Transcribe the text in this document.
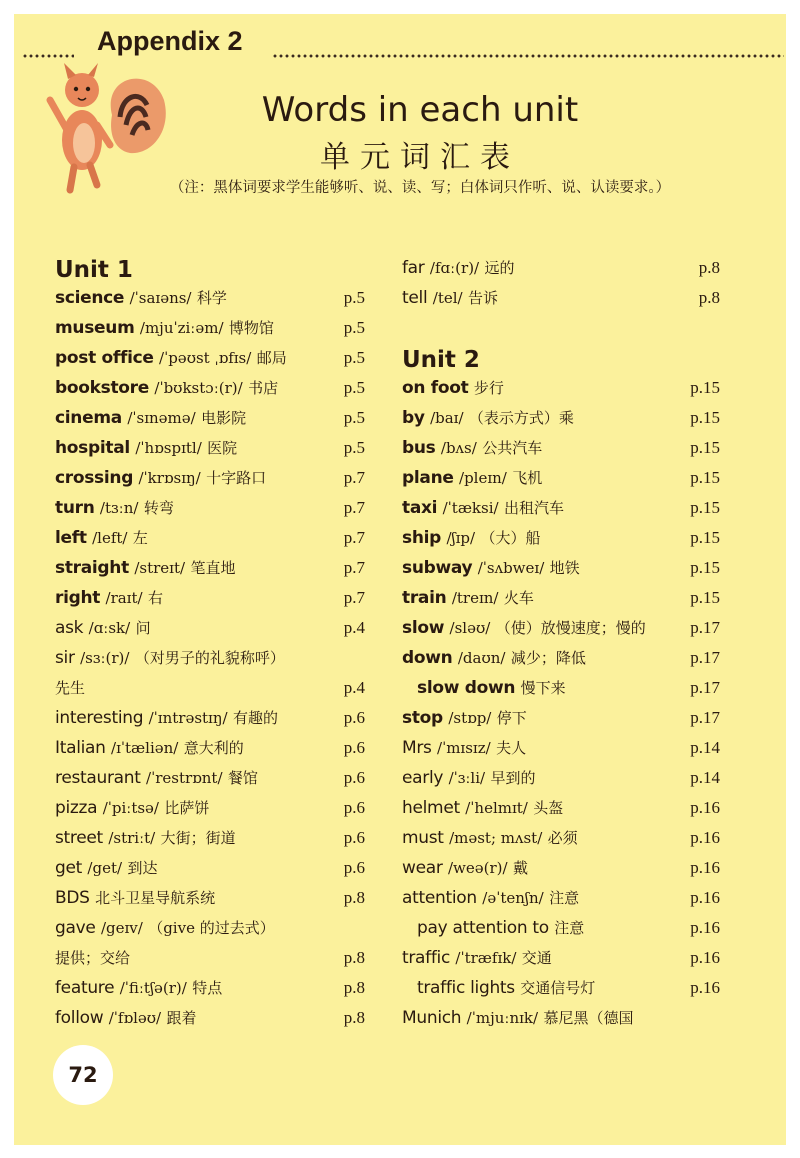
Appendix 2
Words in each unit
单元词汇表
（注：黑体词要求学生能够听、说、读、写；白体词只作听、说、认读要求。）
Unit 1
science /ˈsaɪəns/ 科学	p.5
museum /mjuˈziːəm/ 博物馆	p.5
post office /ˈpəʊst ˌɒfɪs/ 邮局	p.5
bookstore /ˈbʊkstɔː(r)/ 书店	p.5
cinema /ˈsɪnəmə/ 电影院	p.5
hospital /ˈhɒspɪtl/ 医院	p.5
crossing /ˈkrɒsɪŋ/ 十字路口	p.7
turn /tɜːn/ 转弯	p.7
left /left/ 左	p.7
straight /streɪt/ 笔直地	p.7
right /raɪt/ 右	p.7
ask /ɑːsk/ 问	p.4
sir /sɜː(r)/ （对男子的礼貌称呼）
先生	p.4
interesting /ˈɪntrəstɪŋ/ 有趣的	p.6
Italian /ɪˈtæliən/ 意大利的	p.6
restaurant /ˈrestrɒnt/ 餐馆	p.6
pizza /ˈpiːtsə/ 比萨饼	p.6
street /striːt/ 大街；街道	p.6
get /get/ 到达	p.6
BDS 北斗卫星导航系统	p.8
gave /geɪv/ （give 的过去式）
提供；交给	p.8
feature /ˈfiːtʃə(r)/ 特点	p.8
follow /ˈfɒləʊ/ 跟着	p.8
far /fɑː(r)/ 远的	p.8
tell /tel/ 告诉	p.8
Unit 2
on foot 步行	p.15
by /baɪ/ （表示方式）乘	p.15
bus /bʌs/ 公共汽车	p.15
plane /pleɪn/ 飞机	p.15
taxi /ˈtæksi/ 出租汽车	p.15
ship /ʃɪp/ （大）船	p.15
subway /ˈsʌbweɪ/ 地铁	p.15
train /treɪn/ 火车	p.15
slow /sləʊ/ （使）放慢速度；慢的	p.17
down /daʊn/ 减少；降低	p.17
slow down 慢下来	p.17
stop /stɒp/ 停下	p.17
Mrs /ˈmɪsɪz/ 夫人	p.14
early /ˈɜːli/ 早到的	p.14
helmet /ˈhelmɪt/ 头盔	p.16
must /məst; mʌst/ 必须	p.16
wear /weə(r)/ 戴	p.16
attention /əˈtenʃn/ 注意	p.16
pay attention to 注意	p.16
traffic /ˈtræfɪk/ 交通	p.16
traffic lights 交通信号灯	p.16
Munich /ˈmjuːnɪk/ 慕尼黑（德国
72
